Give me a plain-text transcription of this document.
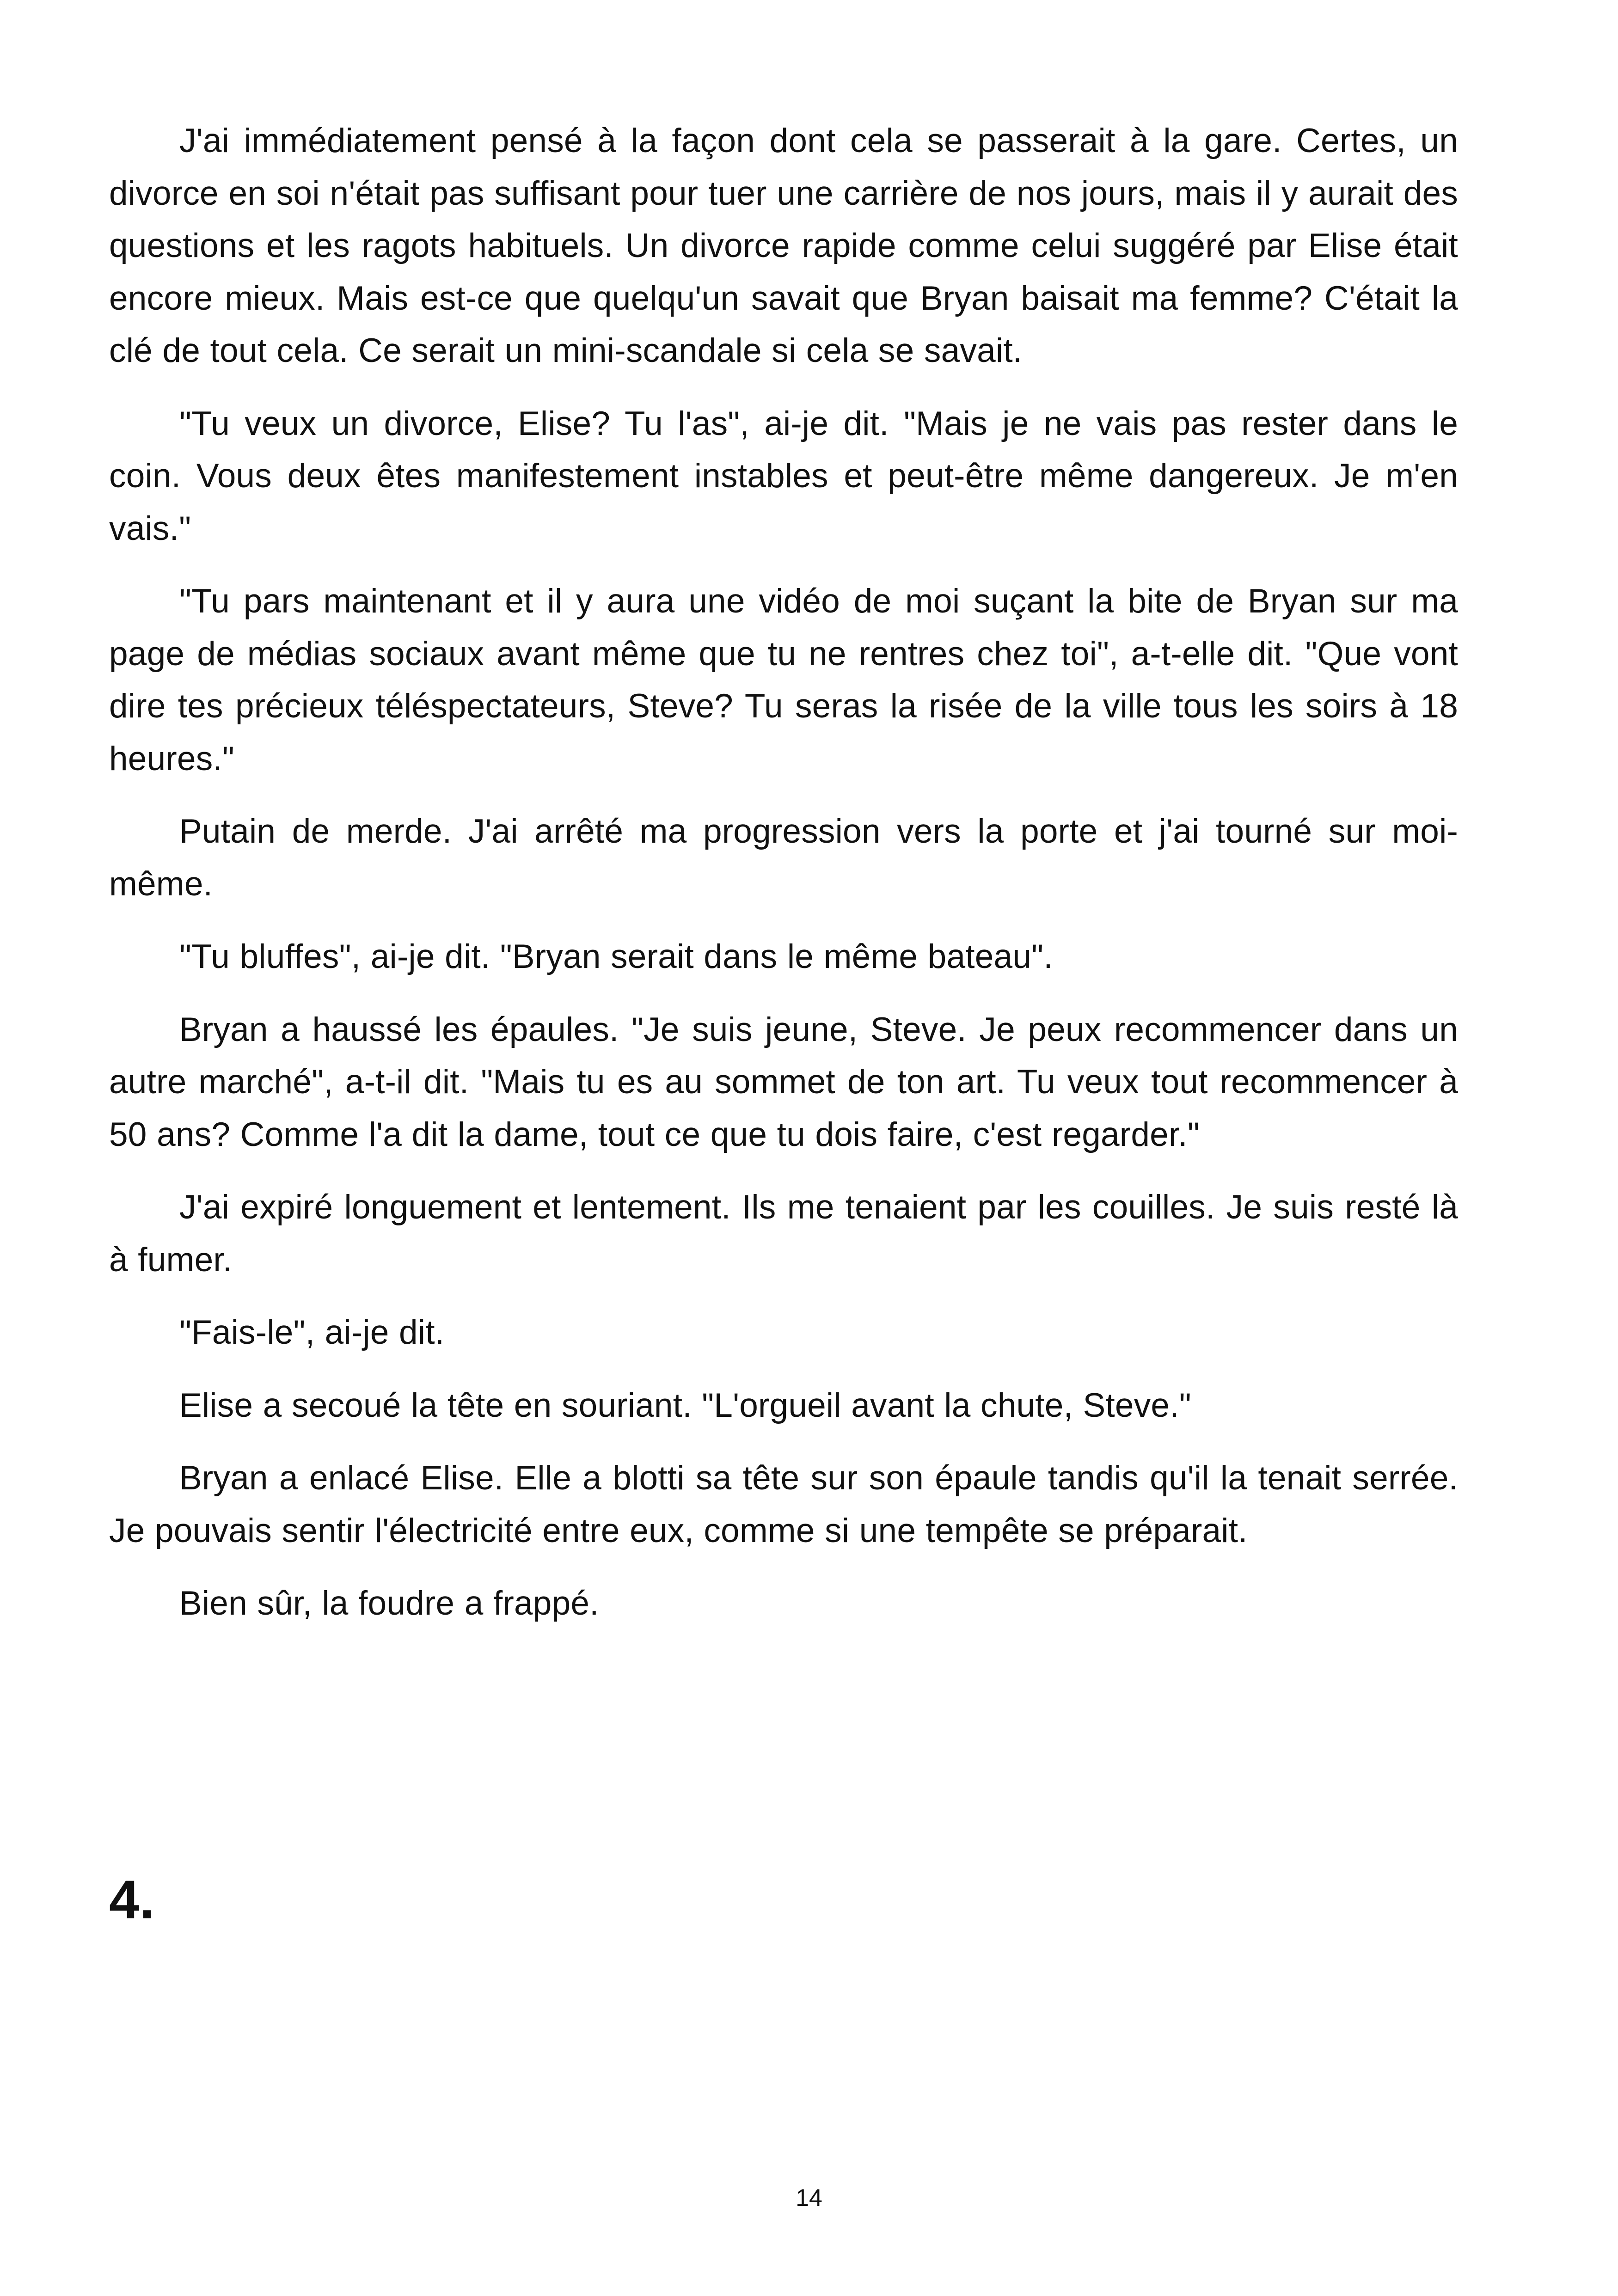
J'ai immédiatement pensé à la façon dont cela se passerait à la gare. Certes, un divorce en soi n'était pas suffisant pour tuer une carrière de nos jours, mais il y aurait des questions et les ragots habituels. Un divorce rapide comme celui suggéré par Elise était encore mieux. Mais est-ce que quelqu'un savait que Bryan baisait ma femme? C'était la clé de tout cela. Ce serait un mini-scandale si cela se savait.

"Tu veux un divorce, Elise? Tu l'as", ai-je dit. "Mais je ne vais pas rester dans le coin. Vous deux êtes manifestement instables et peut-être même dangereux. Je m'en vais."

"Tu pars maintenant et il y aura une vidéo de moi suçant la bite de Bryan sur ma page de médias sociaux avant même que tu ne rentres chez toi", a-t-elle dit. "Que vont dire tes précieux téléspectateurs, Steve? Tu seras la risée de la ville tous les soirs à 18 heures."

Putain de merde. J'ai arrêté ma progression vers la porte et j'ai tourné sur moi-même.

"Tu bluffes", ai-je dit. "Bryan serait dans le même bateau".

Bryan a haussé les épaules. "Je suis jeune, Steve. Je peux recommencer dans un autre marché", a-t-il dit. "Mais tu es au sommet de ton art. Tu veux tout recommencer à 50 ans? Comme l'a dit la dame, tout ce que tu dois faire, c'est regarder."

J'ai expiré longuement et lentement. Ils me tenaient par les couilles. Je suis resté là à fumer.

"Fais-le", ai-je dit.

Elise a secoué la tête en souriant. "L'orgueil avant la chute, Steve."

Bryan a enlacé Elise. Elle a blotti sa tête sur son épaule tandis qu'il la tenait serrée. Je pouvais sentir l'électricité entre eux, comme si une tempête se préparait.

Bien sûr, la foudre a frappé.

4.
14
